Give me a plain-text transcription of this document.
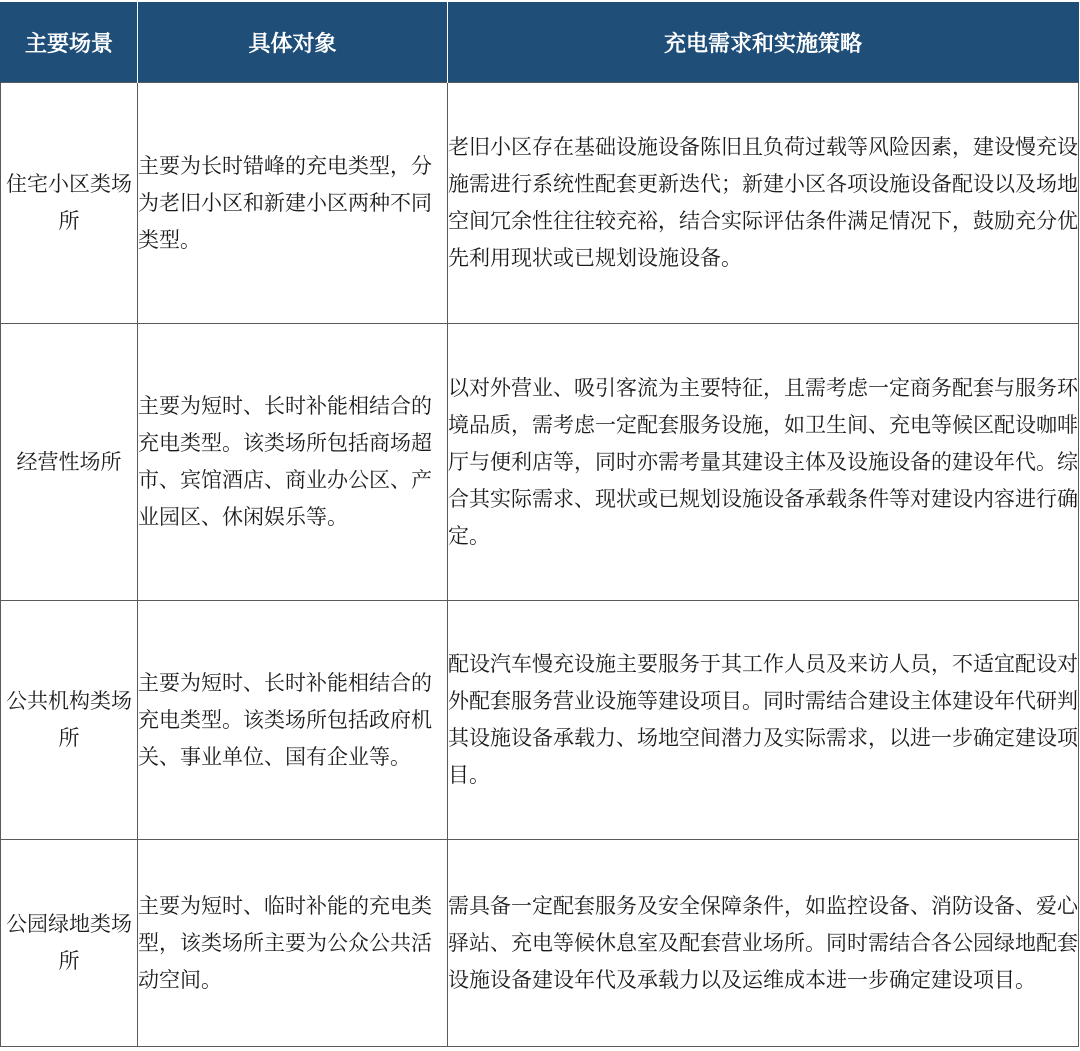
主要场景	具体对象	充电需求和实施策略
住宅小区类场所	主要为长时错峰的充电类型，分为老旧小区和新建小区两种不同类型。	老旧小区存在基础设施设备陈旧且负荷过载等风险因素，建设慢充设施需进行系统性配套更新迭代；新建小区各项设施设备配设以及场地空间冗余性往往较充裕，结合实际评估条件满足情况下，鼓励充分优先利用现状或已规划设施设备。
经营性场所	主要为短时、长时补能相结合的充电类型。该类场所包括商场超市、宾馆酒店、商业办公区、产业园区、休闲娱乐等。	以对外营业、吸引客流为主要特征，且需考虑一定商务配套与服务环境品质，需考虑一定配套服务设施，如卫生间、充电等候区配设咖啡厅与便利店等，同时亦需考量其建设主体及设施设备的建设年代。综合其实际需求、现状或已规划设施设备承载条件等对建设内容进行确定。
公共机构类场所	主要为短时、长时补能相结合的充电类型。该类场所包括政府机关、事业单位、国有企业等。	配设汽车慢充设施主要服务于其工作人员及来访人员，不适宜配设对外配套服务营业设施等建设项目。同时需结合建设主体建设年代研判其设施设备承载力、场地空间潜力及实际需求，以进一步确定建设项目。
公园绿地类场所	主要为短时、临时补能的充电类型，该类场所主要为公众公共活动空间。	需具备一定配套服务及安全保障条件，如监控设备、消防设备、爱心驿站、充电等候休息室及配套营业场所。同时需结合各公园绿地配套设施设备建设年代及承载力以及运维成本进一步确定建设项目。
